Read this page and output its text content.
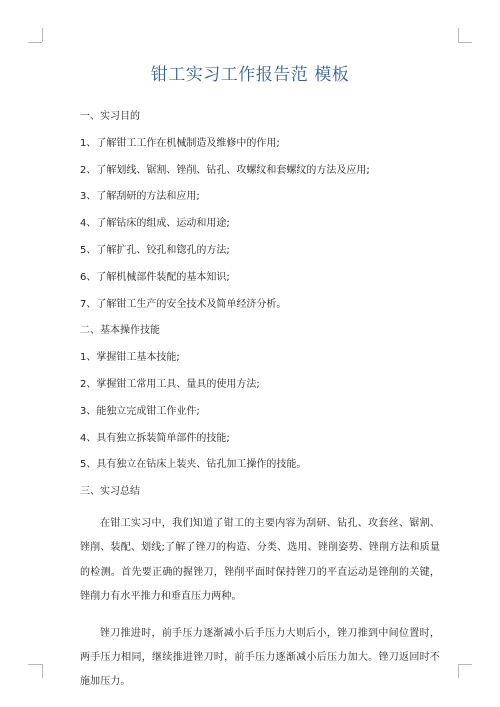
钳工实习工作报告范 模板
一、实习目的
1、了解钳工工作在机械制造及维修中的作用;
2、了解划线、锯割、锉削、钻孔、攻螺纹和套螺纹的方法及应用;
3、了解刮研的方法和应用;
4、了解钻床的组成、运动和用途;
5、了解扩孔、铰孔和锪孔的方法;
6、了解机械部件装配的基本知识;
7、了解钳工生产的安全技术及简单经济分析。
二、基本操作技能
1、掌握钳工基本技能;
2、掌握钳工常用工具、量具的使用方法;
3、能独立完成钳工作业件;
4、具有独立拆装简单部件的技能;
5、具有独立在钻床上装夹、钻孔加工操作的技能。
三、实习总结

在钳工实习中，我们知道了钳工的主要内容为刮研、钻孔、攻套丝、锯割、锉削、装配、划线;了解了锉刀的构造、分类、选用、锉削姿势、锉削方法和质量的检测。首先要正确的握锉刀，锉削平面时保持锉刀的平直运动是锉削的关键，锉削力有水平推力和垂直压力两种。

锉刀推进时，前手压力逐渐减小后手压力大则后小，锉刀推到中间位置时，两手压力相同，继续推进锉刀时，前手压力逐渐减小后压力加大。锉刀返回时不施加压力。
